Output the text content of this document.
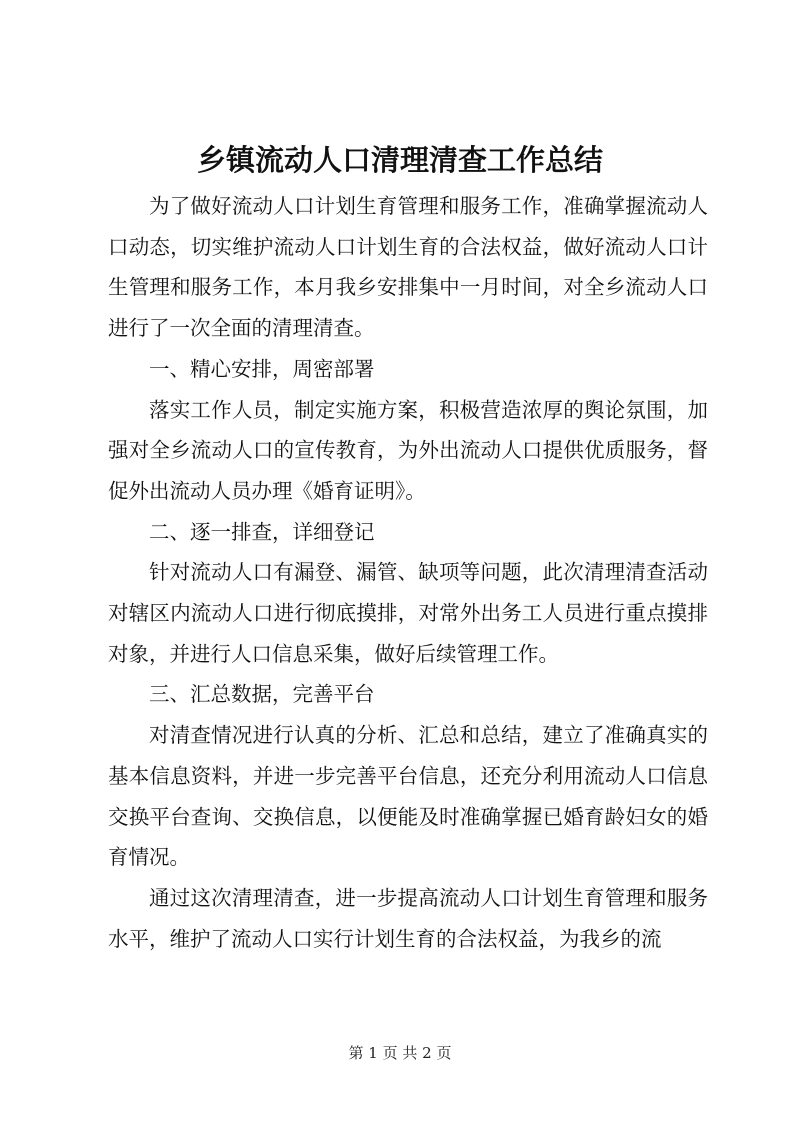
乡镇流动人口清理清查工作总结

为了做好流动人口计划生育管理和服务工作，准确掌握流动人口动态，切实维护流动人口计划生育的合法权益，做好流动人口计生管理和服务工作，本月我乡安排集中一月时间，对全乡流动人口进行了一次全面的清理清查。

一、精心安排，周密部署

落实工作人员，制定实施方案，积极营造浓厚的舆论氛围，加强对全乡流动人口的宣传教育，为外出流动人口提供优质服务，督促外出流动人员办理《婚育证明》。

二、逐一排查，详细登记

针对流动人口有漏登、漏管、缺项等问题，此次清理清查活动对辖区内流动人口进行彻底摸排，对常外出务工人员进行重点摸排对象，并进行人口信息采集，做好后续管理工作。

三、汇总数据，完善平台

对清查情况进行认真的分析、汇总和总结，建立了准确真实的基本信息资料，并进一步完善平台信息，还充分利用流动人口信息交换平台查询、交换信息，以便能及时准确掌握已婚育龄妇女的婚育情况。

通过这次清理清查，进一步提高流动人口计划生育管理和服务水平，维护了流动人口实行计划生育的合法权益，为我乡的流

第 1 页 共 2 页
